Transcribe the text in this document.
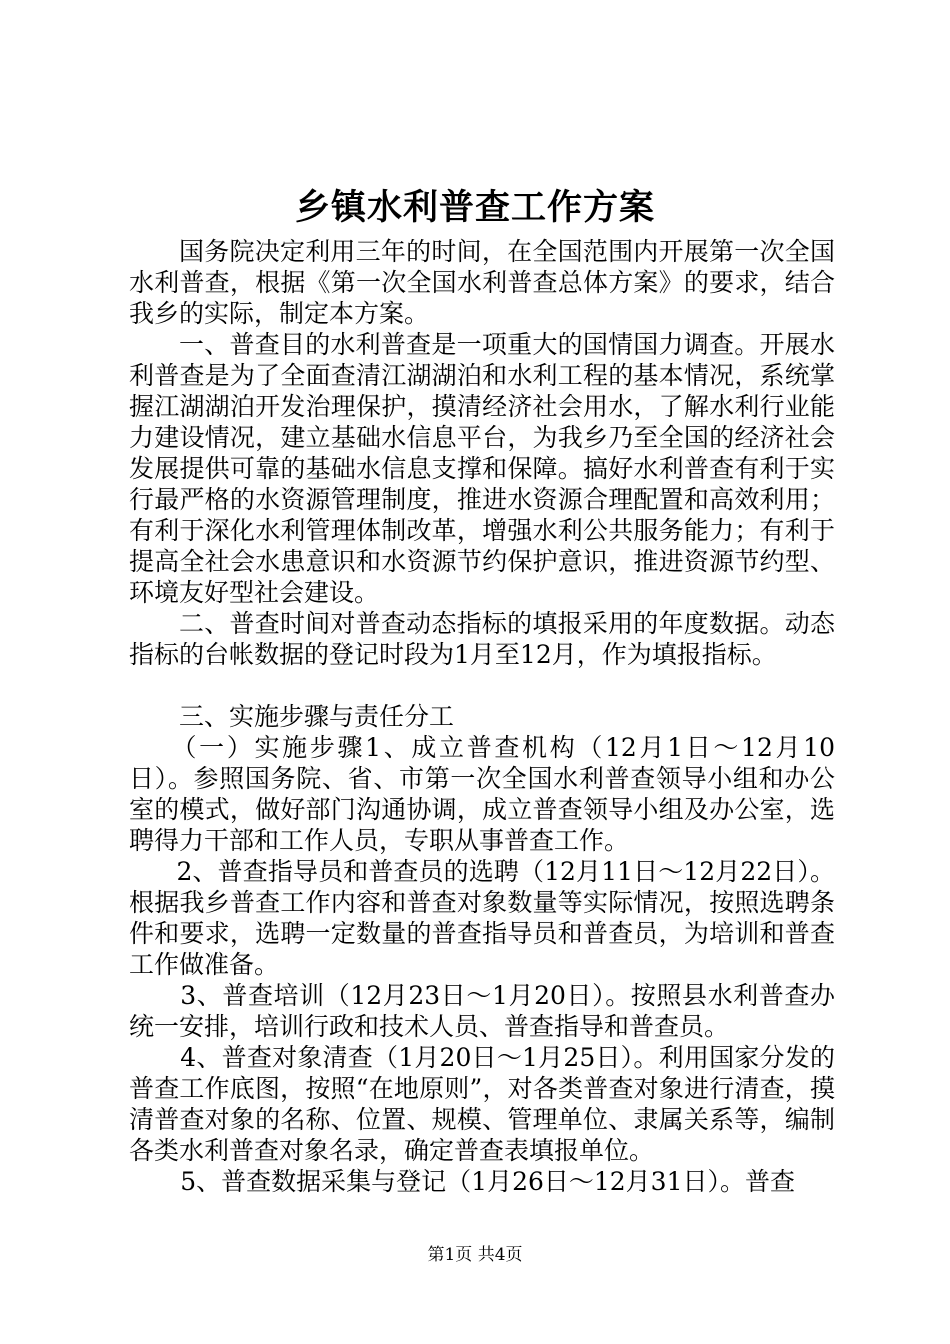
乡镇水利普查工作方案

国务院决定利用三年的时间，在全国范围内开展第一次全国水利普查，根据《第一次全国水利普查总体方案》的要求，结合我乡的实际，制定本方案。

一、普查目的水利普查是一项重大的国情国力调查。开展水利普查是为了全面查清江湖湖泊和水利工程的基本情况，系统掌握江湖湖泊开发治理保护，摸清经济社会用水，了解水利行业能力建设情况，建立基础水信息平台，为我乡乃至全国的经济社会发展提供可靠的基础水信息支撑和保障。搞好水利普查有利于实行最严格的水资源管理制度，推进水资源合理配置和高效利用；有利于深化水利管理体制改革，增强水利公共服务能力；有利于提高全社会水患意识和水资源节约保护意识，推进资源节约型、环境友好型社会建设。

二、普查时间对普查动态指标的填报采用的年度数据。动态指标的台帐数据的登记时段为1月至12月，作为填报指标。

三、实施步骤与责任分工

（一）实施步骤1、成立普查机构（12月1日～12月10日）。参照国务院、省、市第一次全国水利普查领导小组和办公室的模式，做好部门沟通协调，成立普查领导小组及办公室，选聘得力干部和工作人员，专职从事普查工作。

2、普查指导员和普查员的选聘（12月11日～12月22日）。根据我乡普查工作内容和普查对象数量等实际情况，按照选聘条件和要求，选聘一定数量的普查指导员和普查员，为培训和普查工作做准备。

3、普查培训（12月23日～1月20日）。按照县水利普查办统一安排，培训行政和技术人员、普查指导和普查员。

4、普查对象清查（1月20日～1月25日）。利用国家分发的普查工作底图，按照“在地原则”，对各类普查对象进行清查，摸清普查对象的名称、位置、规模、管理单位、隶属关系等，编制各类水利普查对象名录，确定普查表填报单位。

5、普查数据采集与登记（1月26日～12月31日）。普查

第1页 共4页
